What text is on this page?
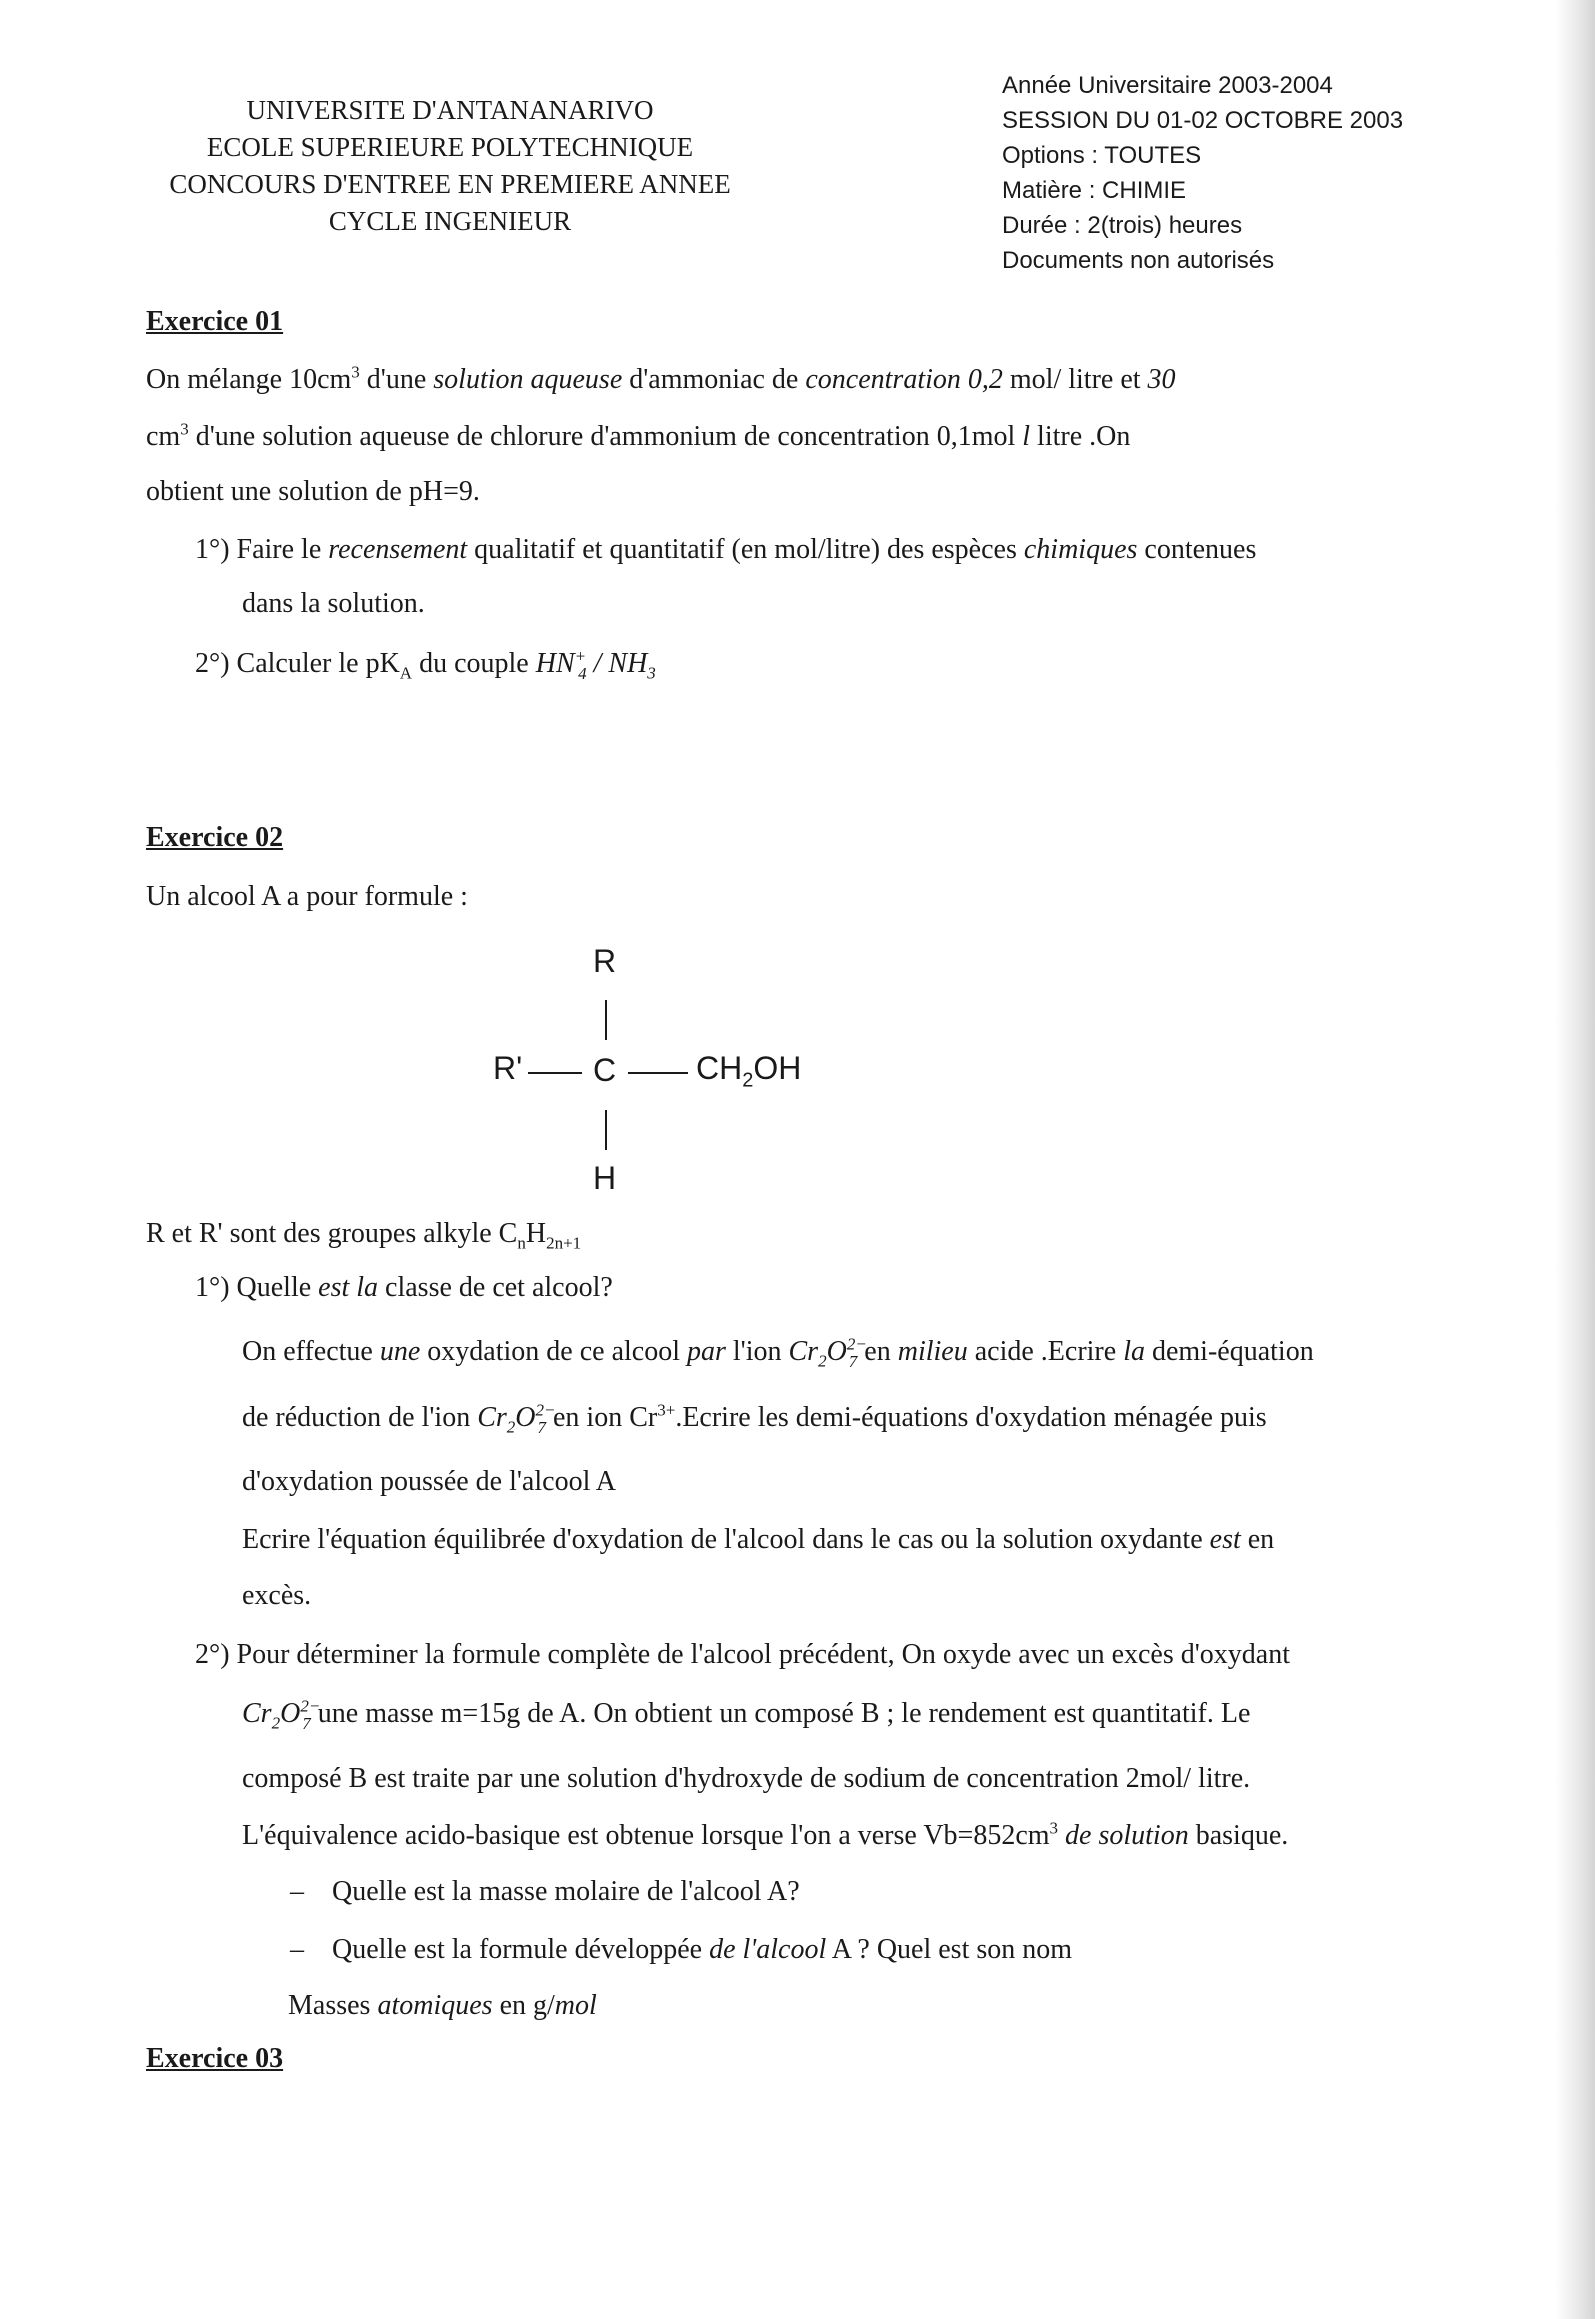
UNIVERSITE D'ANTANANARIVO
ECOLE SUPERIEURE POLYTECHNIQUE
CONCOURS D'ENTREE EN PREMIERE ANNEE
CYCLE INGENIEUR
Année Universitaire 2003-2004
SESSION DU 01-02 OCTOBRE 2003
Options : TOUTES
Matière : CHIMIE
Durée : 2(trois) heures
Documents non autorisés
Exercice 01
On mélange $10cm^3$ d'une solution aqueuse d'ammoniac de concentration 0,2 mol/ litre et 30
$cm^3$ d'une solution aqueuse de chlorure d'ammonium de concentration 0,1mol l litre .On
obtient une solution de pH=9.
1°) Faire le recensement qualitatif et quantitatif (en mol/litre) des espèces chimiques contenues
dans la solution.
2°) Calculer le $pK_A$ du couple $HN^+_4 / NH_3$
Exercice 02
Un alcool A a pour formule :
R
R' C $CH_2OH$
H
R et R' sont des groupes alkyle $C_nH_{2n+1}$
1°) Quelle est la classe de cet alcool?
On effectue une oxydation de ce alcool par l'ion $Cr_2O^{2-}_7$ en milieu acide .Ecrire la demi-équation
de réduction de l'ion $Cr_2O^{2-}_7$ en ion $Cr^{3+}.Ecrire$ les demi-équations d'oxydation ménagée puis
d'oxydation poussée de l'alcool A
Ecrire l'équation équilibrée d'oxydation de l'alcool dans le cas ou la solution oxydante est en
excès.
2°) Pour déterminer la formule complète de l'alcool précédent, On oxyde avec un excès d'oxydant
$Cr_2O^{2-}_7$ une masse m=15g de A. On obtient un composé B ; le rendement est quantitatif. Le
composé B est traite par une solution d'hydroxyde de sodium de concentration 2mol/ litre.
L'équivalence acido-basique est obtenue lorsque l'on a verse $Vb=852cm^3$ de solution basique.
– Quelle est la masse molaire de l'alcool A?
– Quelle est la formule développée de l'alcool A ? Quel est son nom
Masses atomiques en g/mol
Exercice 03
